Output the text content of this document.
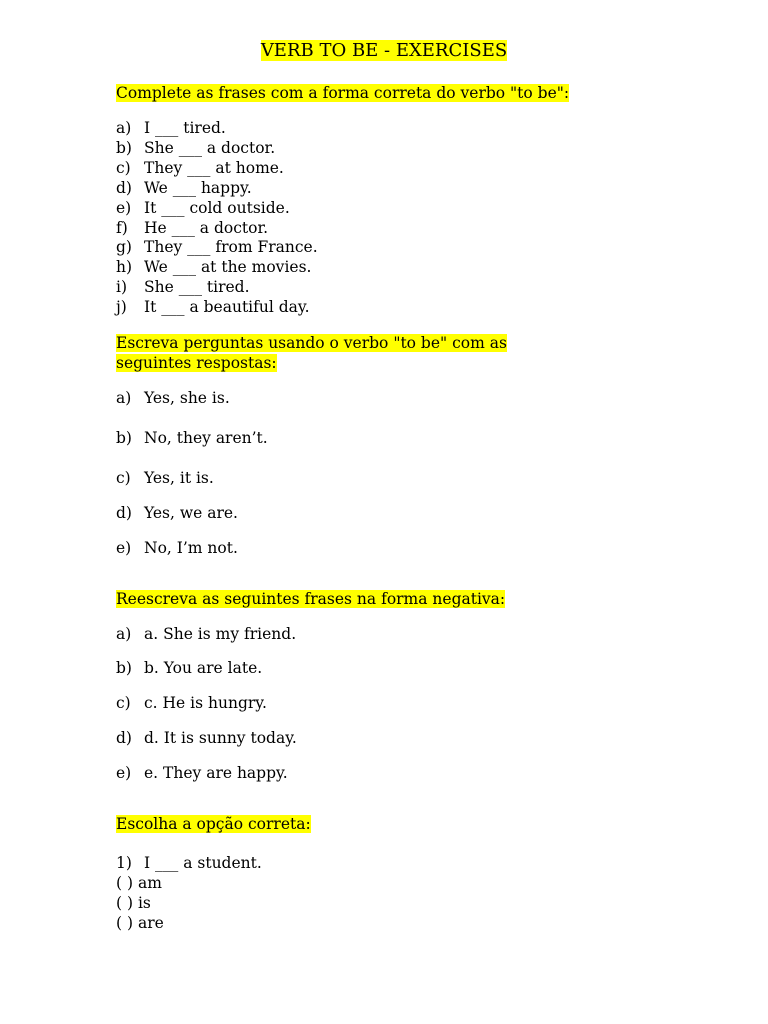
VERB TO BE - EXERCISES
Complete as frases com a forma correta do verbo "to be":
a) I ___ tired.
b) She ___ a doctor.
c) They ___ at home.
d) We ___ happy.
e) It ___ cold outside.
f) He ___ a doctor.
g) They ___ from France.
h) We ___ at the movies.
i) She ___ tired.
j) It ___ a beautiful day.
Escreva perguntas usando o verbo "to be" com as seguintes respostas:
a) Yes, she is.
b) No, they aren’t.
c) Yes, it is.
d) Yes, we are.
e) No, I’m not.
Reescreva as seguintes frases na forma negativa:
a) a. She is my friend.
b) b. You are late.
c) c. He is hungry.
d) d. It is sunny today.
e) e. They are happy.
Escolha a opção correta:
1) I ___ a student.
( ) am
( ) is
( ) are
